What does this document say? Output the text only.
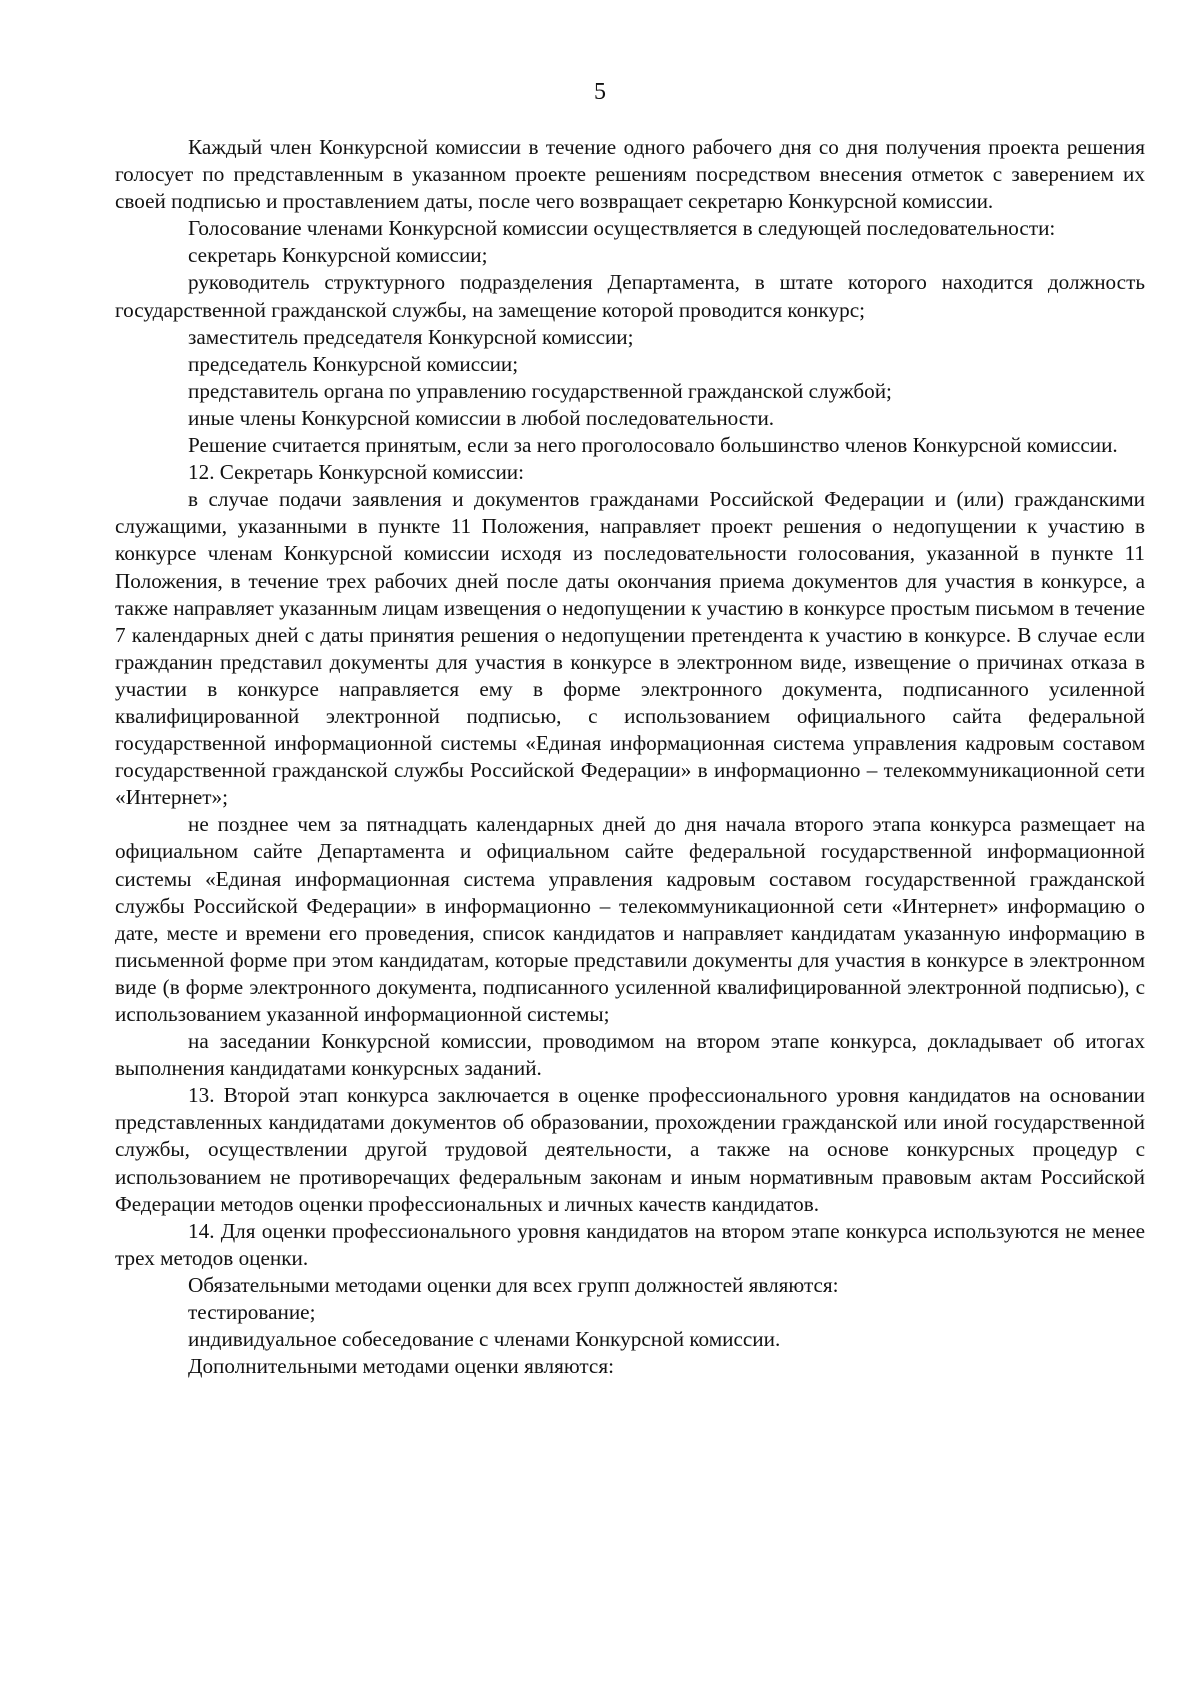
5

Каждый член Конкурсной комиссии в течение одного рабочего дня со дня получения проекта решения голосует по представленным в указанном проекте решениям посредством внесения отметок с заверением их своей подписью и проставлением даты, после чего возвращает секретарю Конкурсной комиссии.

Голосование членами Конкурсной комиссии осуществляется в следующей последовательности:

секретарь Конкурсной комиссии;

руководитель структурного подразделения Департамента, в штате которого находится должность государственной гражданской службы, на замещение которой проводится конкурс;

заместитель председателя Конкурсной комиссии;

председатель Конкурсной комиссии;

представитель органа по управлению государственной гражданской службой;

иные члены Конкурсной комиссии в любой последовательности.

Решение считается принятым, если за него проголосовало большинство членов Конкурсной комиссии.

12. Секретарь Конкурсной комиссии:

в случае подачи заявления и документов гражданами Российской Федерации и (или) гражданскими служащими, указанными в пункте 11 Положения, направляет проект решения о недопущении к участию в конкурсе членам Конкурсной комиссии исходя из последовательности голосования, указанной в пункте 11 Положения, в течение трех рабочих дней после даты окончания приема документов для участия в конкурсе, а также направляет указанным лицам извещения о недопущении к участию в конкурсе простым письмом в течение 7 календарных дней с даты принятия решения о недопущении претендента к участию в конкурсе. В случае если гражданин представил документы для участия в конкурсе в электронном виде, извещение о причинах отказа в участии в конкурсе направляется ему в форме электронного документа, подписанного усиленной квалифицированной электронной подписью, с использованием официального сайта федеральной государственной информационной системы «Единая информационная система управления кадровым составом государственной гражданской службы Российской Федерации» в информационно – телекоммуникационной сети «Интернет»;

не позднее чем за пятнадцать календарных дней до дня начала второго этапа конкурса размещает на официальном сайте Департамента и официальном сайте федеральной государственной информационной системы «Единая информационная система управления кадровым составом государственной гражданской службы Российской Федерации» в информационно – телекоммуникационной сети «Интернет» информацию о дате, месте и времени его проведения, список кандидатов и направляет кандидатам указанную информацию в письменной форме при этом кандидатам, которые представили документы для участия в конкурсе в электронном виде (в форме электронного документа, подписанного усиленной квалифицированной электронной подписью), с использованием указанной информационной системы;

на заседании Конкурсной комиссии, проводимом на втором этапе конкурса, докладывает об итогах выполнения кандидатами конкурсных заданий.

13. Второй этап конкурса заключается в оценке профессионального уровня кандидатов на основании представленных кандидатами документов об образовании, прохождении гражданской или иной государственной службы, осуществлении другой трудовой деятельности, а также на основе конкурсных процедур с использованием не противоречащих федеральным законам и иным нормативным правовым актам Российской Федерации методов оценки профессиональных и личных качеств кандидатов.

14. Для оценки профессионального уровня кандидатов на втором этапе конкурса используются не менее трех методов оценки.

Обязательными методами оценки для всех групп должностей являются:

тестирование;

индивидуальное собеседование с членами Конкурсной комиссии.

Дополнительными методами оценки являются:
